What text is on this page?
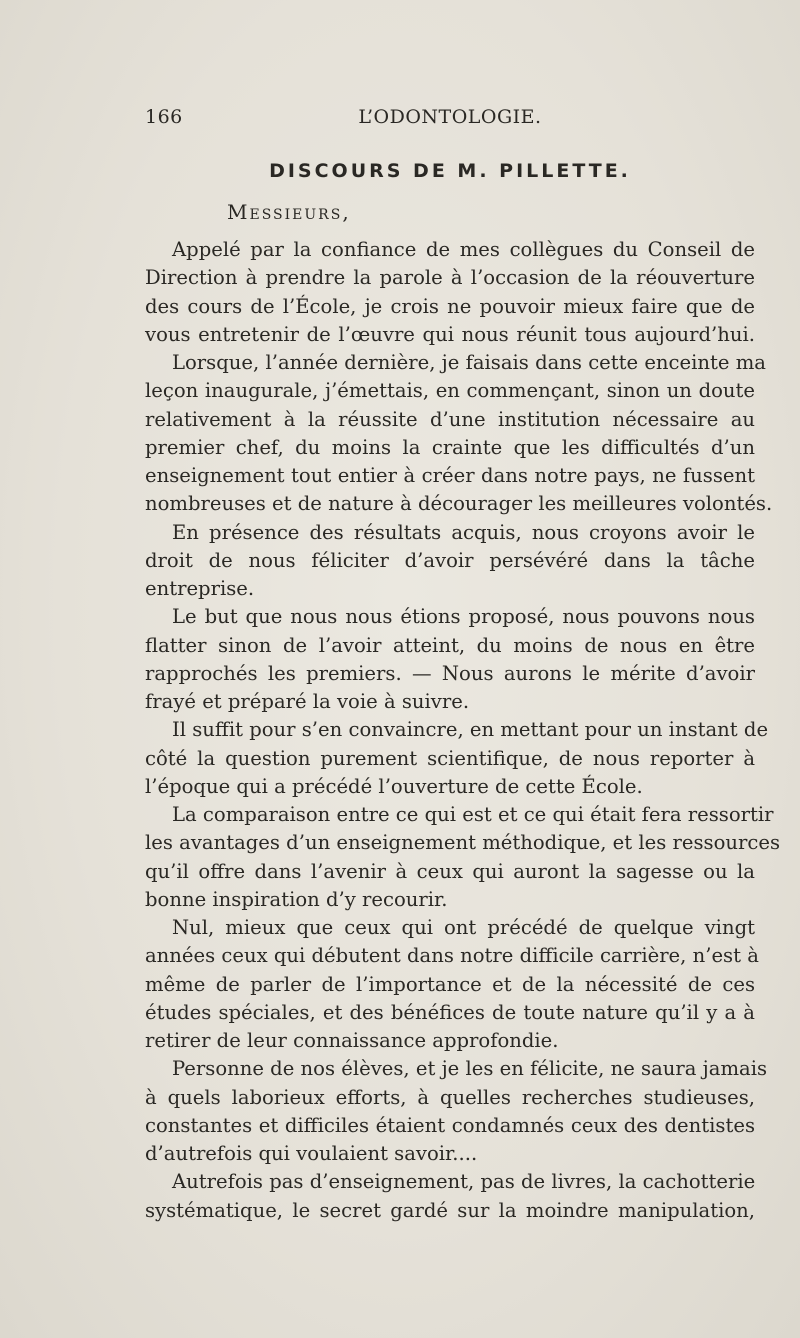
166	L’ODONTOLOGIE.
DISCOURS DE M. PILLETTE.
Messieurs,
Appelé par la confiance de mes collègues du Conseil de
Direction à prendre la parole à l’occasion de la réouverture
des cours de l’École, je crois ne pouvoir mieux faire que de
vous entretenir de l’œuvre qui nous réunit tous aujourd’hui.
Lorsque, l’année dernière, je faisais dans cette enceinte ma
leçon inaugurale, j’émettais, en commençant, sinon un doute
relativement à la réussite d’une institution nécessaire au
premier chef, du moins la crainte que les difficultés d’un
enseignement tout entier à créer dans notre pays, ne fussent
nombreuses et de nature à décourager les meilleures volontés.
En présence des résultats acquis, nous croyons avoir le
droit de nous féliciter d’avoir persévéré dans la tâche
entreprise.
Le but que nous nous étions proposé, nous pouvons nous
flatter sinon de l’avoir atteint, du moins de nous en être
rapprochés les premiers. — Nous aurons le mérite d’avoir
frayé et préparé la voie à suivre.
Il suffit pour s’en convaincre, en mettant pour un instant de
côté la question purement scientifique, de nous reporter à
l’époque qui a précédé l’ouverture de cette École.
La comparaison entre ce qui est et ce qui était fera ressortir
les avantages d’un enseignement méthodique, et les ressources
qu’il offre dans l’avenir à ceux qui auront la sagesse ou la
bonne inspiration d’y recourir.
Nul, mieux que ceux qui ont précédé de quelque vingt
années ceux qui débutent dans notre difficile carrière, n’est à
même de parler de l’importance et de la nécessité de ces
études spéciales, et des bénéfices de toute nature qu’il y a à
retirer de leur connaissance approfondie.
Personne de nos élèves, et je les en félicite, ne saura jamais
à quels laborieux efforts, à quelles recherches studieuses,
constantes et difficiles étaient condamnés ceux des dentistes
d’autrefois qui voulaient savoir....
Autrefois pas d’enseignement, pas de livres, la cachotterie
systématique, le secret gardé sur la moindre manipulation,
